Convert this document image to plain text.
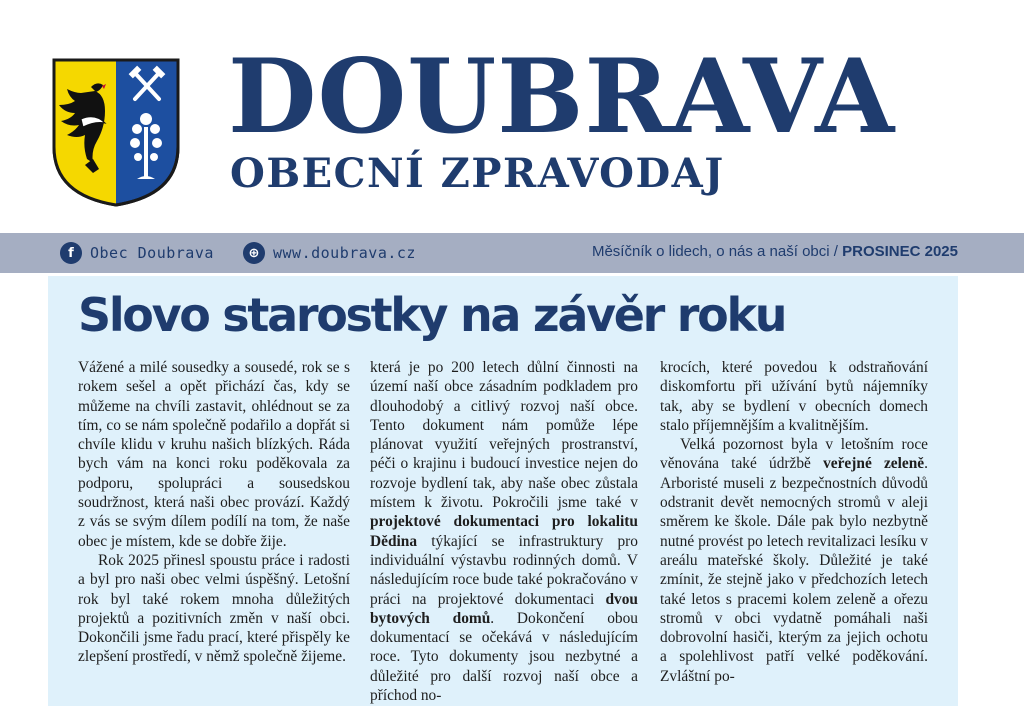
DOUBRAVA
OBECNÍ ZPRAVODAJ
f	Obec Doubrava	⊕ www.doubrava.cz	Měsíčník o lidech, o nás a naší obci / PROSINEC 2025
Slovo starostky na závěr roku

Vážené a milé sousedky a sousedé, rok se s rokem sešel a opět přichází čas, kdy se můžeme na chvíli zastavit, ohlédnout se za tím, co se nám společně podařilo a dopřát si chvíle klidu v kruhu našich blízkých. Ráda bych vám na konci roku poděkovala za podporu, spolupráci a sousedskou soudržnost, která naši obec provází. Každý z vás se svým dílem podílí na tom, že naše obec je místem, kde se dobře žije.

Rok 2025 přinesl spoustu práce i radosti a byl pro naši obec velmi úspěšný. Letošní rok byl také rokem mnoha důležitých projektů a pozitivních změn v naší obci. Dokončili jsme řadu prací, které přispěly ke zlepšení prostředí, v němž společně žijeme.

která je po 200 letech důlní činnosti na území naší obce zásadním podkladem pro dlouhodobý a citlivý rozvoj naší obce. Tento dokument nám pomůže lépe plánovat využití veřejných prostranství, péči o krajinu i budoucí investice nejen do rozvoje bydlení tak, aby naše obec zůstala místem k životu. Pokročili jsme také v projektové dokumentaci pro lokalitu Dědina týkající se infrastruktury pro individuální výstavbu rodinných domů. V následujícím roce bude také pokračováno v práci na projektové dokumentaci dvou bytových domů. Dokončení obou dokumentací se očekává v následujícím roce. Tyto dokumenty jsou nezbytné a důležité pro další rozvoj naší obce a příchod no-

krocích, které povedou k odstraňování diskomfortu při užívání bytů nájemníky tak, aby se bydlení v obecních domech stalo příjemnějším a kvalitnějším.

Velká pozornost byla v letošním roce věnována také údržbě veřejné zeleně. Arboristé museli z bezpečnostních důvodů odstranit devět nemocných stromů v aleji směrem ke škole. Dále pak bylo nezbytně nutné provést po letech revitalizaci lesíku v areálu mateřské školy. Důležité je také zmínit, že stejně jako v předchozích letech také letos s pracemi kolem zeleně a ořezu stromů v obci vydatně pomáhali naši dobrovolní hasiči, kterým za jejich ochotu a spolehlivost patří velké poděkování. Zvláštní po-
